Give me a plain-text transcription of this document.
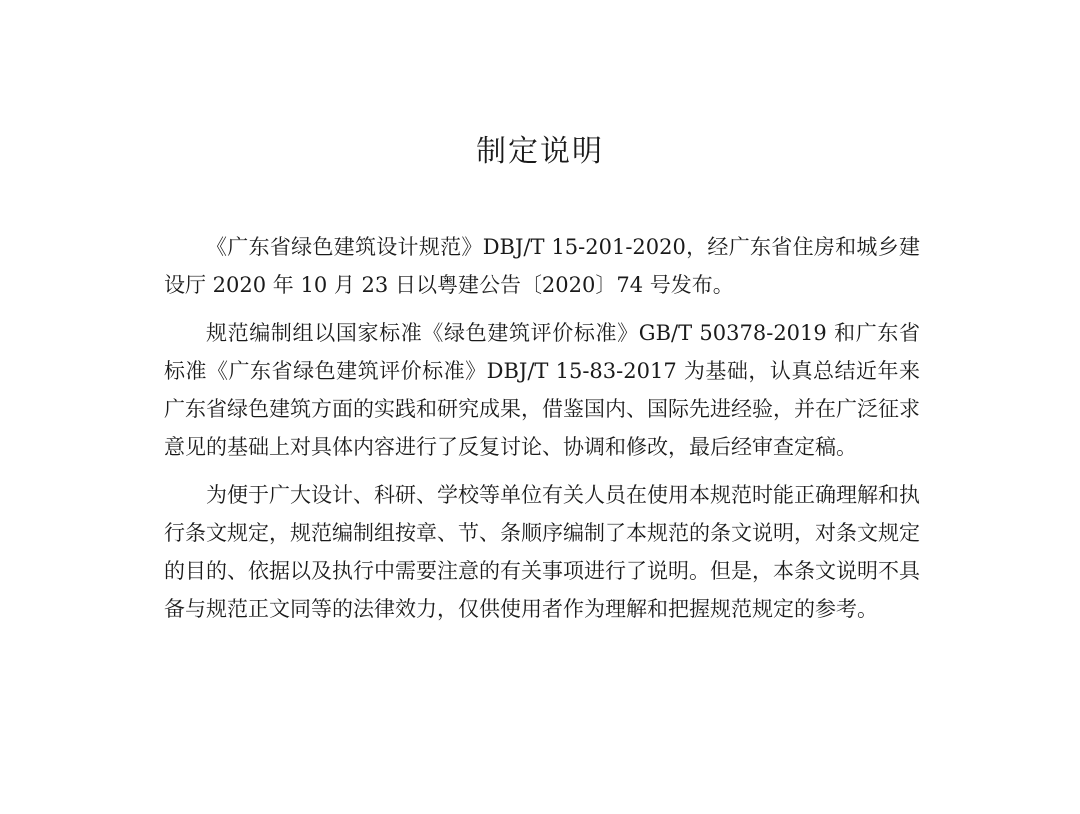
制定说明

《广东省绿色建筑设计规范》DBJ/T 15-201-2020，经广东省住房和城乡建设厅 2020 年 10 月 23 日以粤建公告〔2020〕74 号发布。

规范编制组以国家标准《绿色建筑评价标准》GB/T 50378-2019 和广东省标准《广东省绿色建筑评价标准》DBJ/T 15-83-2017 为基础，认真总结近年来广东省绿色建筑方面的实践和研究成果，借鉴国内、国际先进经验，并在广泛征求意见的基础上对具体内容进行了反复讨论、协调和修改，最后经审查定稿。

为便于广大设计、科研、学校等单位有关人员在使用本规范时能正确理解和执行条文规定，规范编制组按章、节、条顺序编制了本规范的条文说明，对条文规定的目的、依据以及执行中需要注意的有关事项进行了说明。但是，本条文说明不具备与规范正文同等的法律效力，仅供使用者作为理解和把握规范规定的参考。
